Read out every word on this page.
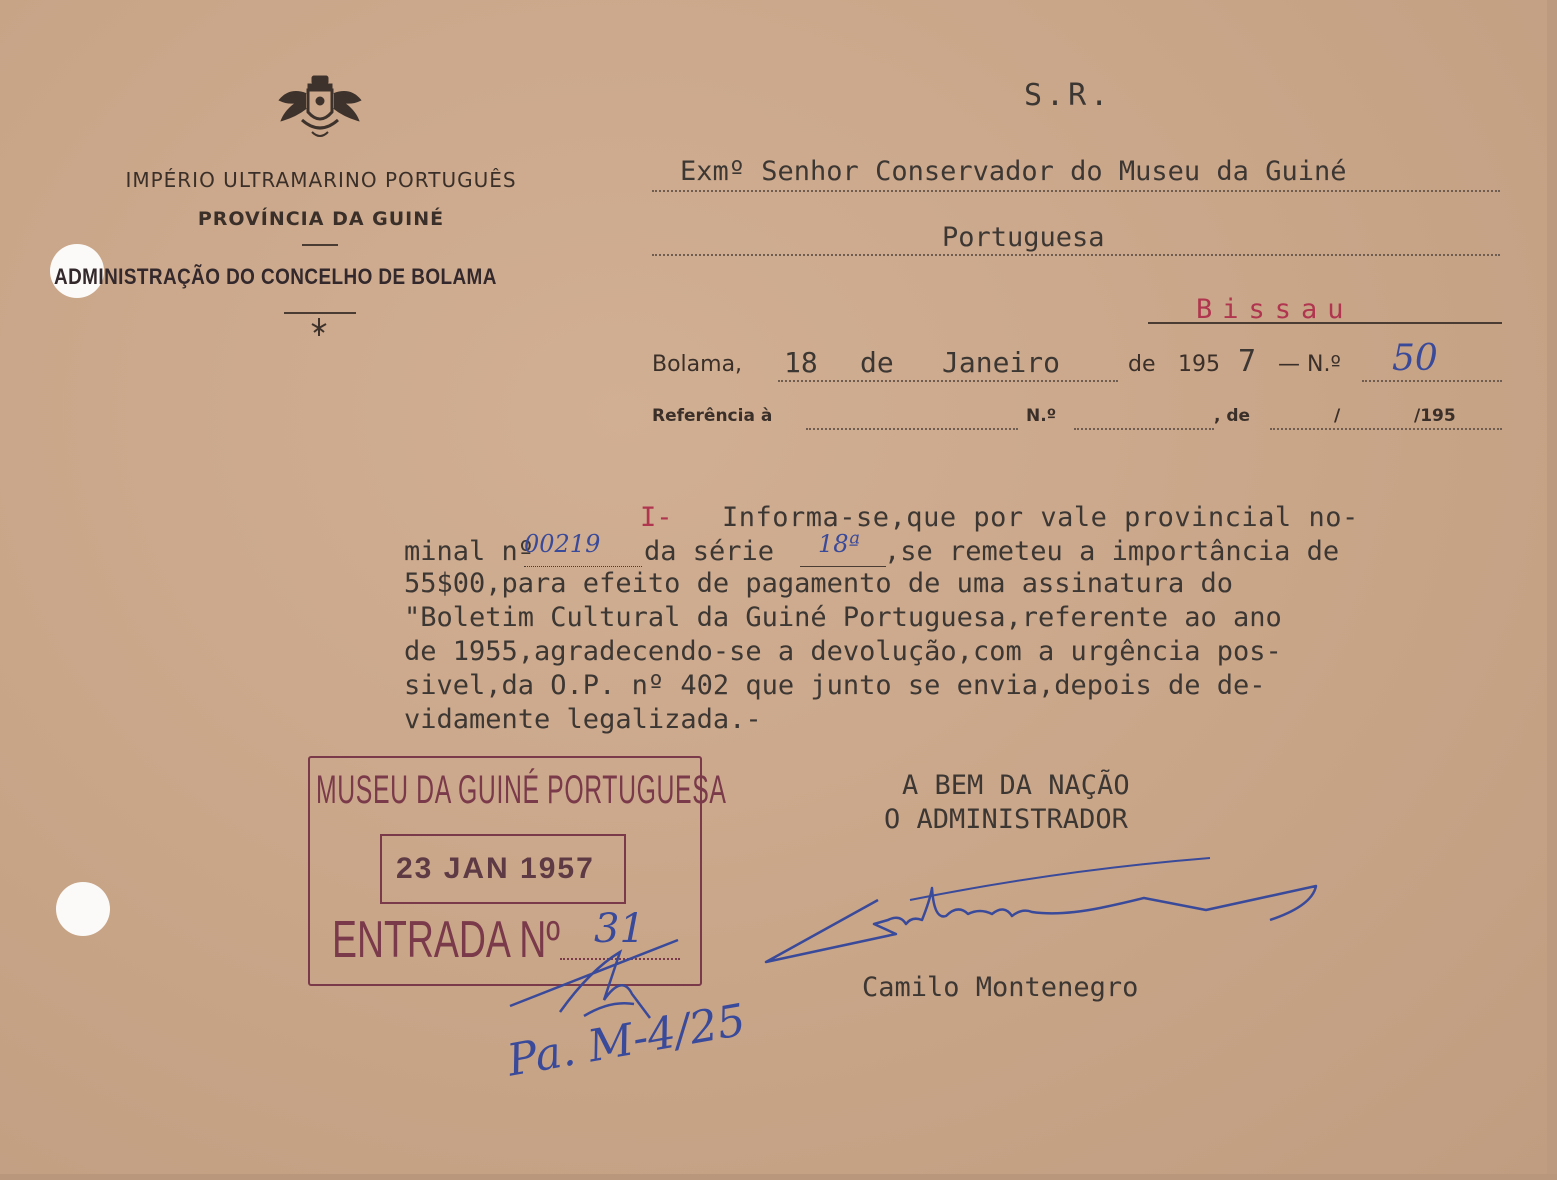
IMPÉRIO ULTRAMARINO PORTUGUÊS
PROVÍNCIA DA GUINÉ
ADMINISTRAÇÃO DO CONCELHO DE BOLAMA
S.R.
Exmº Senhor Conservador do Museu da Guiné
Portuguesa
Bissau
Bolama, 18 de Janeiro	de 195 7 — N.º 50
Referência à	N.º	, de	/	/195
I- Informa-se,que por vale provincial no-
minal nº
00219 da série 18ª ,se remeteu a importância de
55$00,para efeito de pagamento de uma assinatura do
"Boletim Cultural da Guiné Portuguesa,referente ao ano
de 1955,agradecendo-se a devolução,com a urgência pos-
sivel,da O.P. nº 402 que junto se envia,depois de de-
vidamente legalizada.-
A BEM DA NAÇÃO
O ADMINISTRADOR
Camilo Montenegro
MUSEU DA GUINÉ PORTUGUESA
23 JAN 1957
ENTRADA Nº 31
Pa. M-4/25
